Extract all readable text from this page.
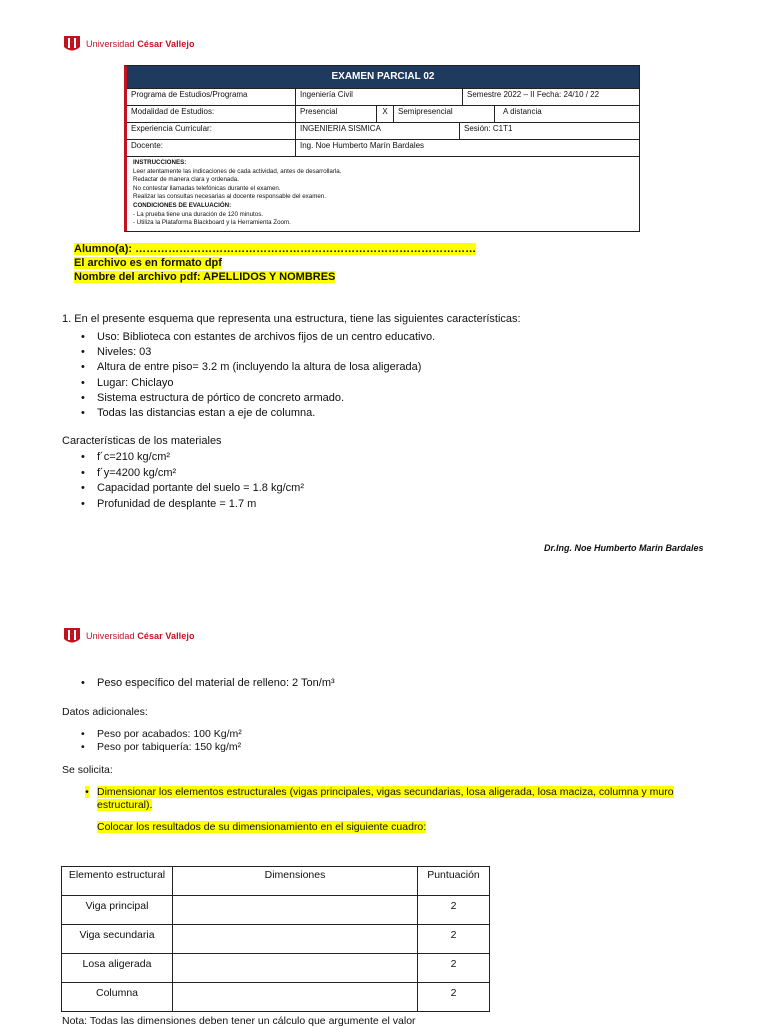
Universidad César Vallejo
EXAMEN PARCIAL 02
Programa de Estudios/Programa	Ingeniería Civil	Semestre 2022 – II Fecha: 24/10 / 22
Modalidad de Estudios:	Presencial	X	Semipresencial	A distancia
Experiencia Curricular:	INGENIERIA SISMICA	Sesión: C1T1
Docente:	Ing. Noe Humberto Marín Bardales
INSTRUCCIONES:
Leer atentamente las indicaciones de cada actividad, antes de desarrollarla.
Redactar de manera clara y ordenada.
No contestar llamadas telefónicas durante el examen.
Realizar las consultas necesarias al docente responsable del examen.
CONDICIONES DE EVALUACIÓN:
- La prueba tiene una duración de 120 minutos.
- Utiliza la Plataforma Blackboard y la Herramienta Zoom.
Alumno(a): …………………………………………………………………………………
El archivo es en formato dpf
Nombre del archivo pdf: APELLIDOS Y NOMBRES
1. En el presente esquema que representa una estructura, tiene las siguientes características:
• Uso: Biblioteca con estantes de archivos fijos de un centro educativo.
• Niveles: 03
• Altura de entre piso= 3.2 m (incluyendo la altura de losa aligerada)
• Lugar: Chiclayo
• Sistema estructura de pórtico de concreto armado.
• Todas las distancias estan a eje de columna.
Características de los materiales
• f´c=210 kg/cm²
• f´y=4200 kg/cm²
• Capacidad portante del suelo = 1.8 kg/cm²
• Profunidad de desplante = 1.7 m
Dr.Ing. Noe Humberto Marin Bardales
Universidad César Vallejo
• Peso específico del material de relleno: 2 Ton/m³
Datos adicionales:
• Peso por acabados: 100 Kg/m²
• Peso por tabiquería: 150 kg/m²
Se solicita:
• Dimensionar los elementos estructurales (vigas principales, vigas secundarias, losa aligerada, losa maciza, columna y muro
estructural).
Colocar los resultados de su dimensionamiento en el siguiente cuadro:
Elemento estructural	Dimensiones	Puntuación
Viga principal		2
Viga secundaria		2
Losa aligerada		2
Columna		2
Nota: Todas las dimensiones deben tener un cálculo que argumente el valor
